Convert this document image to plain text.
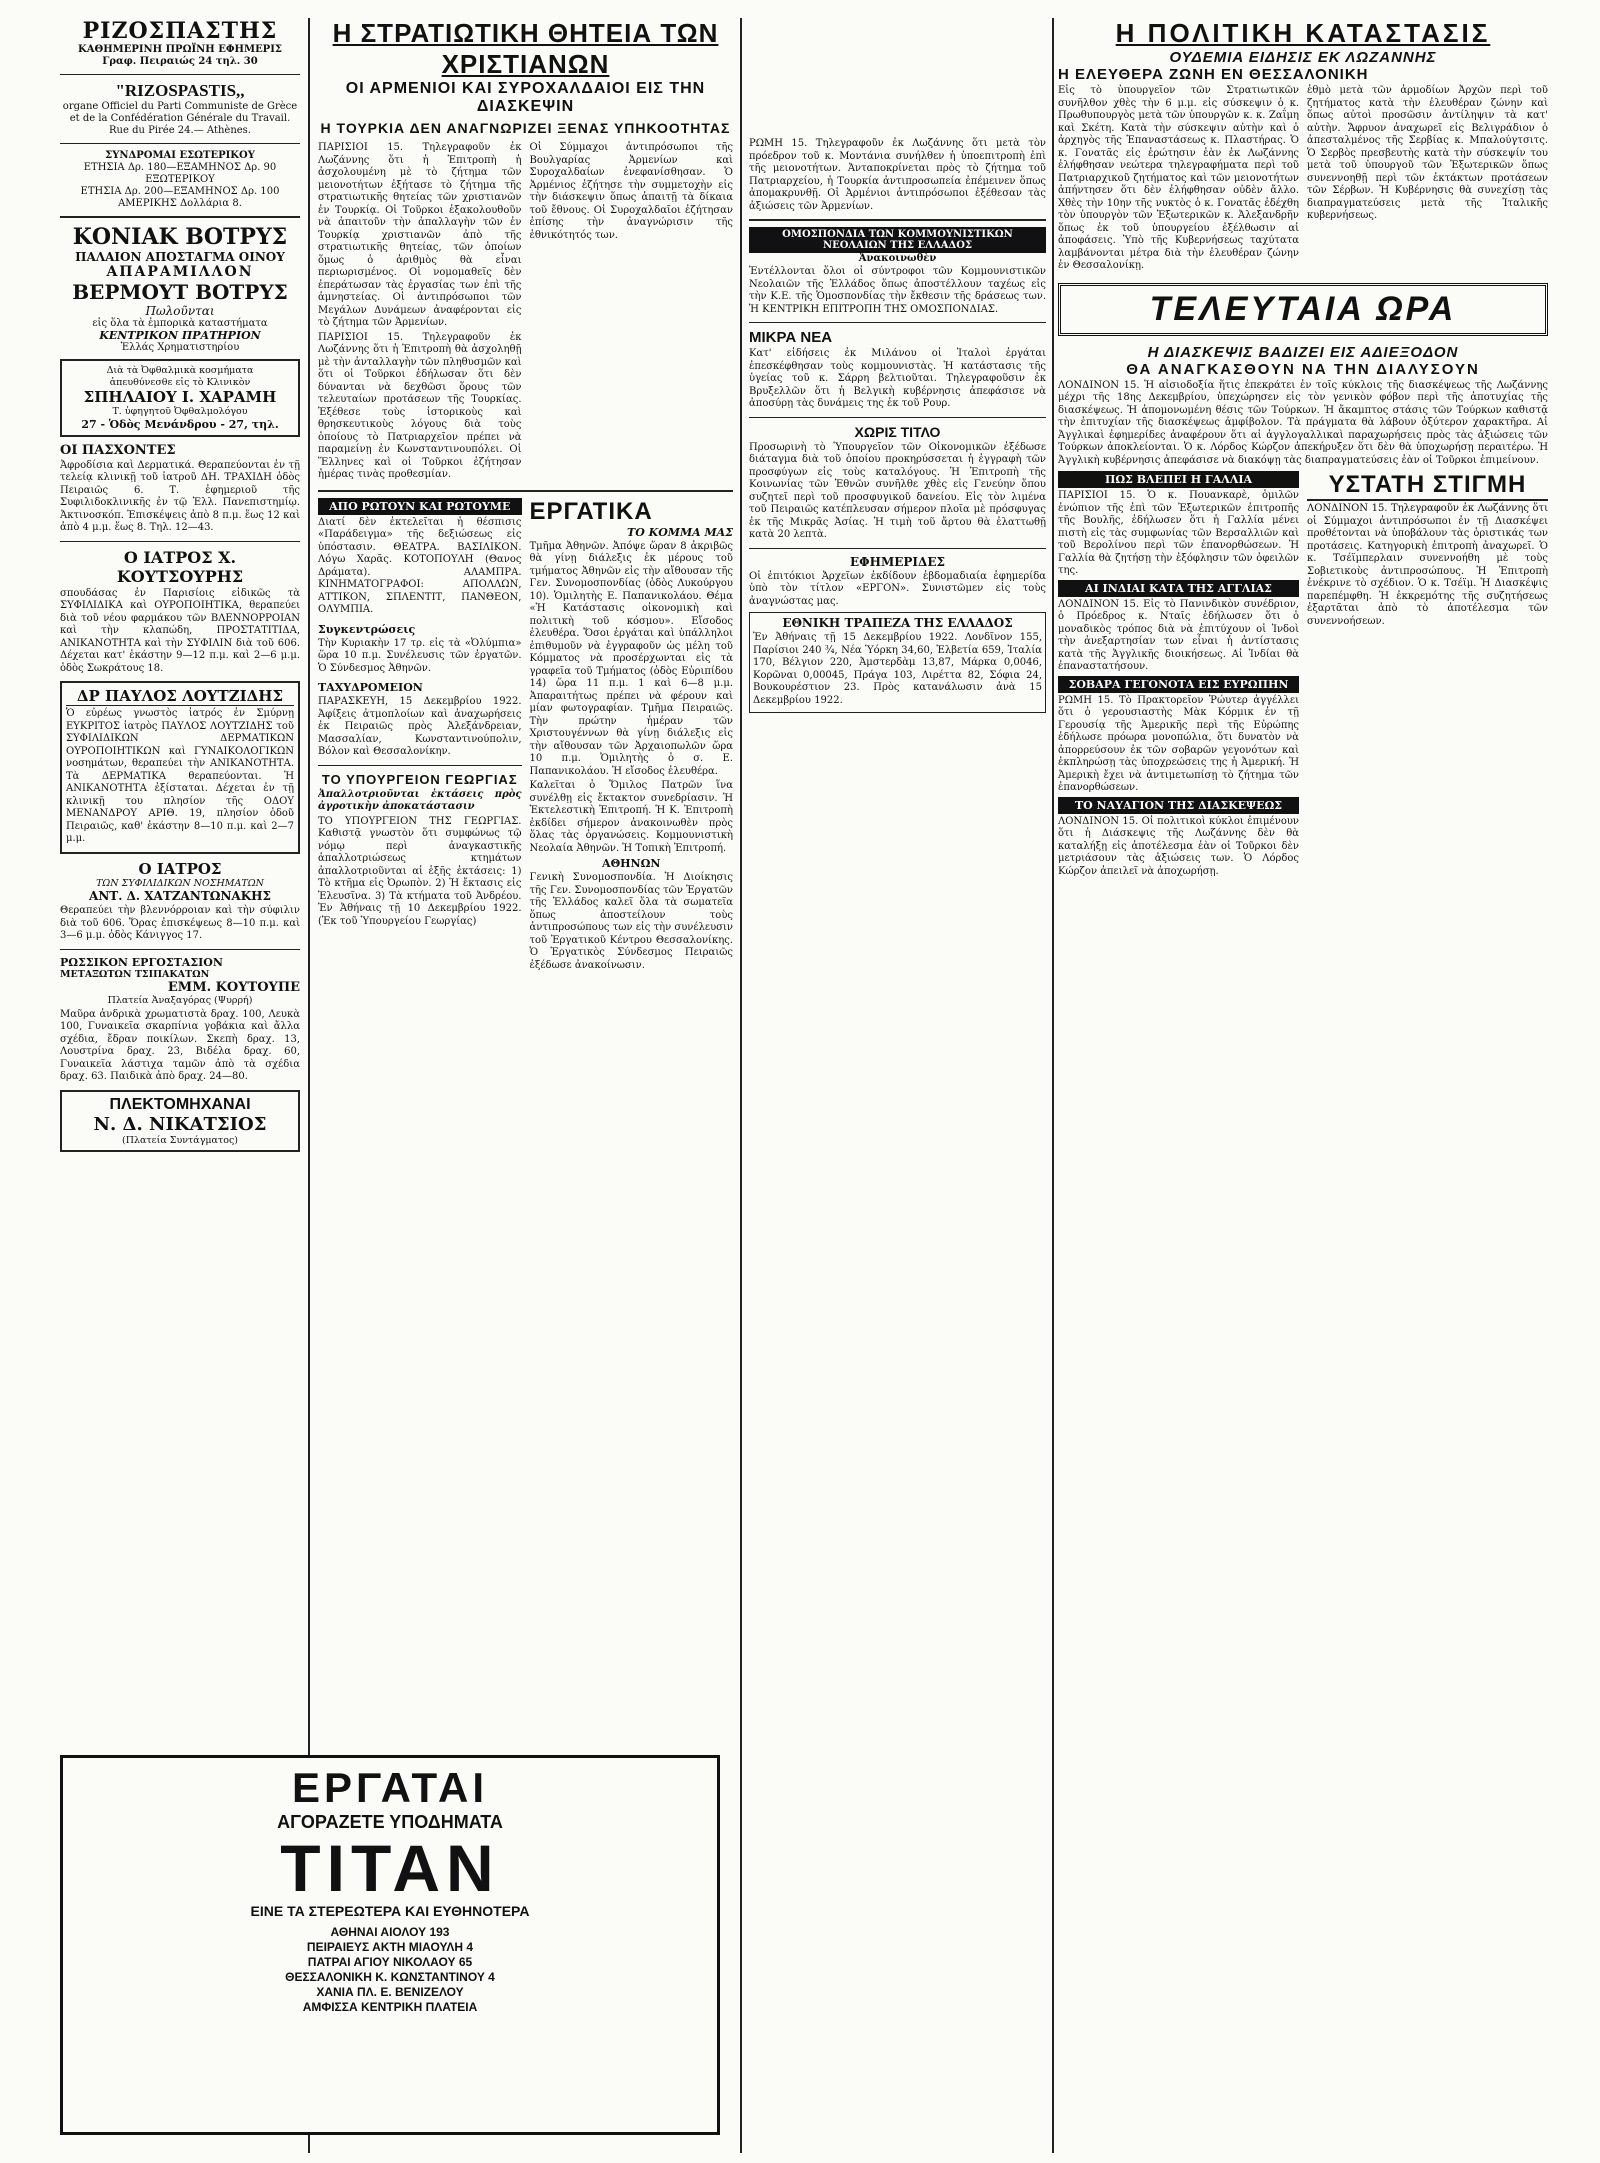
ΡΙΖΟΣΠΑΣΤΗΣ
ΚΑΘΗΜΕΡΙΝΗ ΠΡΩΪΝΗ ΕΦΗΜΕΡΙΣ
Γραφ. Πειραιώς 24 τηλ. 30
"RIZOSPASTIS,,
organe Officiel du Parti Communiste de Grèce et de la Confédération Générale du Travail.
Rue du Pirée 24.— Athènes.
ΣΥΝΔΡΟΜΑΙ ΕΣΩΤΕΡΙΚΟΥ
ΕΤΗΣΙΑ Δρ. 180—ΕΞΑΜΗΝΟΣ Δρ. 90
ΕΞΩΤΕΡΙΚΟΥ
ΕΤΗΣΙΑ Δρ. 200—ΕΞΑΜΗΝΟΣ Δρ. 100
ΑΜΕΡΙΚΗΣ Δολλάρια 8.
ΚΟΝΙΑΚ ΒΟΤΡΥΣ
ΠΑΛΑΙΟΝ ΑΠΟΣΤΑΓΜΑ ΟΙΝΟΥ
ΑΠΑΡΑΜΙΛΛΟΝ
ΒΕΡΜΟΥΤ ΒΟΤΡΥΣ
Πωλοῦνται
εἰς ὅλα τὰ ἐμπορικὰ καταστήματα
ΚΕΝΤΡΙΚΟΝ ΠΡΑΤΗΡΙΟΝ
Ἑλλάς Χρηματιστηρίου
Διὰ τὰ Ὀφθαλμικὰ κοσμήματα
ἀπευθύνεσθε εἰς τὸ Κλινικὸν
ΣΠΗΛΑΙΟΥ Ι. ΧΑΡΑΜΗ
Τ. ὑφηγητοῦ Ὀφθαλμολόγου
27 - Ὁδὸς Μενάνδρου - 27, τηλ.
ΟΙ ΠΑΣΧΟΝΤΕΣ
Ἀφροδίσια καὶ Δερματικά. Θεραπεύονται ἐν τῇ τελείᾳ κλινικῇ τοῦ ἰατροῦ ΔΗ. ΤΡΑΧΙΔΗ ὁδὸς Πειραιῶς 6. Τ. ἐφημεριοῦ τῆς Συφιλιδοκλινικῆς ἐν τῷ Ἑλλ. Πανεπιστημίῳ. Ἀκτινοσκόπ. Ἐπισκέψεις ἀπὸ 8 π.μ. ἕως 12 καὶ ἀπὸ 4 μ.μ. ἕως 8. Τηλ. 12—43.
Ο ΙΑΤΡΟΣ Χ. ΚΟΥΤΣΟΥΡΗΣ
σπουδάσας ἐν Παρισίοις εἰδικῶς τὰ ΣΥΦΙΛΙΔΙΚΑ καὶ ΟΥΡΟΠΟΙΗΤΙΚΑ, θεραπεύει διὰ τοῦ νέου φαρμάκου τῶν ΒΛΕΝΝΟΡΡΟΙΑΝ καὶ τὴν κλαπώδη, ΠΡΟΣΤΑΤΙΤΙΔΑ, ΑΝΙΚΑΝΟΤΗΤΑ καὶ τὴν ΣΥΦΙΛΙΝ διὰ τοῦ 606. Δέχεται κατ' ἑκάστην 9—12 π.μ. καὶ 2—6 μ.μ. ὁδὸς Σωκράτους 18.
ΔΡ ΠΑΥΛΟΣ ΛΟΥΤΖΙΔΗΣ
Ὁ εὐρέως γνωστὸς ἰατρός ἐν Σμύρνῃ ΕΥΚΡΙΤΟΣ ἰατρὸς ΠΑΥΛΟΣ ΛΟΥΤΖΙΔΗΣ τοῦ ΣΥΦΙΛΙΔΙΚΩΝ ΔΕΡΜΑΤΙΚΩΝ ΟΥΡΟΠΟΙΗΤΙΚΩΝ καὶ ΓΥΝΑΙΚΟΛΟΓΙΚΩΝ νοσημάτων, θεραπεύει τὴν ΑΝΙΚΑΝΟΤΗΤΑ. Τὰ ΔΕΡΜΑΤΙΚΑ θεραπεύονται. Ἡ ΑΝΙΚΑΝΟΤΗΤΑ ἐξίσταται. Δέχεται ἐν τῇ κλινικῇ του πλησίον τῆς ΟΔΟΥ ΜΕΝΑΝΔΡΟΥ ΑΡΙΘ. 19, πλησίον ὁδοῦ Πειραιῶς, καθ' ἑκάστην 8—10 π.μ. καὶ 2—7 μ.μ.
Ο ΙΑΤΡΟΣ
ΤΩΝ ΣΥΦΙΛΙΔΙΚΩΝ ΝΟΣΗΜΑΤΩΝ
ΑΝΤ. Δ. ΧΑΤΖΑΝΤΩΝΑΚΗΣ
Θεραπεύει τὴν βλεννόρροιαν καὶ τὴν σύφιλιν διὰ τοῦ 606. Ὅρας ἐπισκέψεως 8—10 π.μ. καὶ 3—6 μ.μ. ὁδὸς Κάνιγγος 17.
ΡΩΣΣΙΚΟΝ ΕΡΓΟΣΤΑΣΙΟΝ
ΜΕΤΑΞΩΤΩΝ ΤΣΙΠΑΚΑΤΩΝ
ΕΜΜ. ΚΟΥΤΟΥΠΕ
Πλατεία Ἀναξαγόρας (Ψυρρή)
Μαῦρα ἀνδρικὰ χρωματιστὰ δραχ. 100, Λευκὰ 100, Γυναικεῖα σκαρπίνια γοβάκια καὶ ἄλλα σχέδια, ἔδραν ποικίλων. Σκεπὴ δραχ. 13, Λουστρίνα δραχ. 23, Βιδέλα δραχ. 60, Γυναικεῖα λάστιχα ταμῶν ἀπὸ τὰ σχέδια δραχ. 63. Παιδικὰ ἀπὸ δραχ. 24—80.
ΠΛΕΚΤΟΜΗΧΑΝΑΙ
Ν. Δ. ΝΙΚΑΤΣΙΟΣ
(Πλατεία Συντάγματος)
ΕΡΓΑΤΑΙ
ΑΓΟΡΑΖΕΤΕ ΥΠΟΔΗΜΑΤΑ
ΤΙΤΑΝ
ΕΙΝΕ ΤΑ ΣΤΕΡΕΩΤΕΡΑ ΚΑΙ ΕΥΘΗΝΟΤΕΡΑ
ΑΘΗΝΑΙ ΑΙΟΛΟΥ 193
ΠΕΙΡΑΙΕΥΣ ΑΚΤΗ ΜΙΑΟΥΛΗ 4
ΠΑΤΡΑΙ ΑΓΙΟΥ ΝΙΚΟΛΑΟΥ 65
ΘΕΣΣΑΛΟΝΙΚΗ Κ. ΚΩΝΣΤΑΝΤΙΝΟΥ 4
ΧΑΝΙΑ ΠΛ. Ε. ΒΕΝΙΖΕΛΟΥ
ΑΜΦΙΣΣΑ ΚΕΝΤΡΙΚΗ ΠΛΑΤΕΙΑ
Η ΣΤΡΑΤΙΩΤΙΚΗ ΘΗΤΕΙΑ ΤΩΝ ΧΡΙΣΤΙΑΝΩΝ
ΟΙ ΑΡΜΕΝΙΟΙ ΚΑΙ ΣΥΡΟΧΑΛΔΑΙΟΙ ΕΙΣ ΤΗΝ ΔΙΑΣΚΕΨΙΝ
Η ΤΟΥΡΚΙΑ ΔΕΝ ΑΝΑΓΝΩΡΙΖΕΙ ΞΕΝΑΣ ΥΠΗΚΟΟΤΗΤΑΣ
ΠΑΡΙΣΙΟΙ 15. Τηλεγραφοῦν ἐκ Λωζάννης ὅτι ἡ Ἐπιτροπὴ ἡ ἀσχολουμένη μὲ τὸ ζήτημα τῶν μειονοτήτων ἐξήτασε τὸ ζήτημα τῆς στρατιωτικῆς θητείας τῶν χριστιανῶν ἐν Τουρκίᾳ. Οἱ Τοῦρκοι ἐξακολουθοῦν νὰ ἀπαιτοῦν τὴν ἀπαλλαγὴν τῶν ἐν Τουρκίᾳ χριστιανῶν ἀπὸ τῆς στρατιωτικῆς θητείας, τῶν ὁποίων ὅμως ὁ ἀριθμὸς θὰ εἶναι περιωρισμένος. Οἱ νομομαθεῖς δὲν ἐπεράτωσαν τὰς ἐργασίας των ἐπὶ τῆς ἀμνηστείας. Οἱ ἀντιπρόσωποι τῶν Μεγάλων Δυνάμεων ἀναφέρονται εἰς τὸ ζήτημα τῶν Ἀρμενίων.
ΠΑΡΙΣΙΟΙ 15. Τηλεγραφοῦν ἐκ Λωζάννης ὅτι ἡ Ἐπιτροπὴ θὰ ἀσχοληθῇ μὲ τὴν ἀνταλλαγὴν τῶν πληθυσμῶν καὶ ὅτι οἱ Τοῦρκοι ἐδήλωσαν ὅτι δὲν δύνανται νὰ δεχθῶσι ὅρους τῶν τελευταίων προτάσεων τῆς Τουρκίας. Ἐξέθεσε τοὺς ἱστορικοὺς καὶ θρησκευτικοὺς λόγους διὰ τοὺς ὁποίους τὸ Πατριαρχεῖον πρέπει νὰ παραμείνῃ ἐν Κωνσταντινουπόλει. Οἱ Ἕλληνες καὶ οἱ Τοῦρκοι ἐζήτησαν ἡμέρας τινὰς προθεσμίαν.
Οἱ Σύμμαχοι ἀντιπρόσωποι τῆς Βουλγαρίας Ἀρμενίων καὶ Συροχαλδαίων ἐνεφανίσθησαν. Ὁ Ἀρμένιος ἐζήτησε τὴν συμμετοχὴν εἰς τὴν διάσκεψιν ὅπως ἀπαιτῇ τὰ δίκαια τοῦ ἔθνους. Οἱ Συροχαλδαῖοι ἐζήτησαν ἐπίσης τὴν ἀναγνώρισιν τῆς ἐθνικότητός των.
ΑΠΟ ΡΩΤΟΥΝ ΚΑΙ ΡΩΤΟΥΜΕ
Διατί δὲν ἐκτελεῖται ἡ θέσπισις «Παράδειγμα» τῆς δεξιώσεως εἰς ὑπόστασιν. ΘΕΑΤΡΑ. ΒΑΣΙΛΙΚΟΝ. Λόγω Χαρᾶς. ΚΟΤΟΠΟΥΛΗ (Θανος Δράματα). ΑΛΑΜΠΡΑ. ΚΙΝΗΜΑΤΟΓΡΑΦΟΙ: ΑΠΟΛΛΩΝ, ΑΤΤΙΚΟΝ, ΣΠΛΕΝΤΙΤ, ΠΑΝΘΕΟΝ, ΟΛΥΜΠΙΑ.
Συγκεντρώσεις
Τὴν Κυριακὴν 17 τρ. εἰς τὰ «Ὀλύμπια» ὥρα 10 π.μ. Συνέλευσις τῶν ἐργατῶν. Ὁ Σύνδεσμος Ἀθηνῶν.
ΤΑΧΥΔΡΟΜΕΙΟΝ
ΠΑΡΑΣΚΕΥΗ, 15 Δεκεμβρίου 1922. Ἀφίξεις ἀτμοπλοίων καὶ ἀναχωρήσεις ἐκ Πειραιῶς πρὸς Ἀλεξάνδρειαν, Μασσαλίαν, Κωνσταντινούπολιν, Βόλον καὶ Θεσσαλονίκην.
ΤΟ ΥΠΟΥΡΓΕΙΟΝ ΓΕΩΡΓΙΑΣ
Ἀπαλλοτριοῦνται ἐκτάσεις πρὸς ἀγροτικὴν ἀποκατάστασιν
ΤΟ ΥΠΟΥΡΓΕΙΟΝ ΤΗΣ ΓΕΩΡΓΙΑΣ. Καθιστᾷ γνωστὸν ὅτι συμφώνως τῷ νόμῳ περὶ ἀναγκαστικῆς ἀπαλλοτριώσεως κτημάτων ἀπαλλοτριοῦνται αἱ ἑξῆς ἐκτάσεις: 1) Τὸ κτῆμα εἰς Ὀρωπὸν. 2) Ἡ ἔκτασις εἰς Ἐλευσῖνα. 3) Τὰ κτήματα τοῦ Ἀνδρέου. Ἐν Ἀθήναις τῇ 10 Δεκεμβρίου 1922. (Ἐκ τοῦ Ὑπουργείου Γεωργίας)
ΕΡΓΑΤΙΚΑ
ΤΟ ΚΟΜΜΑ ΜΑΣ
Τμῆμα Ἀθηνῶν. Ἀπόψε ὥραν 8 ἀκριβῶς θὰ γίνῃ διάλεξις ἐκ μέρους τοῦ τμήματος Ἀθηνῶν εἰς τὴν αἴθουσαν τῆς Γεν. Συνομοσπονδίας (ὁδὸς Λυκούργου 10). Ὁμιλητὴς Ε. Παπανικολάου. Θέμα «Ἡ Κατάστασις οἰκονομικὴ καὶ πολιτικὴ τοῦ κόσμου». Εἴσοδος ἐλευθέρα. Ὅσοι ἐργάται καὶ ὑπάλληλοι ἐπιθυμοῦν νὰ ἐγγραφοῦν ὡς μέλη τοῦ Κόμματος νὰ προσέρχωνται εἰς τὰ γραφεῖα τοῦ Τμήματος (ὁδὸς Εὐριπίδου 14) ὥρα 11 π.μ. 1 καὶ 6—8 μ.μ. Ἀπαραιτήτως πρέπει νὰ φέρουν καὶ μίαν φωτογραφίαν. Τμῆμα Πειραιῶς. Τὴν πρώτην ἡμέραν τῶν Χριστουγέννων θὰ γίνῃ διάλεξις εἰς τὴν αἴθουσαν τῶν Ἀρχαιοπωλῶν ὥρα 10 π.μ. Ὁμιλητὴς ὁ σ. Ε. Παπανικολάου. Ἡ εἴσοδος ἐλευθέρα.
Καλεῖται ὁ Ὅμιλος Πατρῶν ἵνα συνέλθῃ εἰς ἔκτακτον συνεδρίασιν. Ἡ Ἐκτελεστικὴ Ἐπιτροπή. Ἡ Κ. Ἐπιτροπὴ ἐκδίδει σήμερον ἀνακοινωθὲν πρὸς ὅλας τὰς ὀργανώσεις. Κομμουνιστικὴ Νεολαία Ἀθηνῶν. Ἡ Τοπικὴ Ἐπιτροπή.
ΑΘΗΝΩΝ
Γενικὴ Συνομοσπονδία. Ἡ Διοίκησις τῆς Γεν. Συνομοσπονδίας τῶν Ἐργατῶν τῆς Ἑλλάδος καλεῖ ὅλα τὰ σωματεῖα ὅπως ἀποστείλουν τοὺς ἀντιπροσώπους των εἰς τὴν συνέλευσιν τοῦ Ἐργατικοῦ Κέντρου Θεσσαλονίκης. Ὁ Ἐργατικὸς Σύνδεσμος Πειραιῶς ἐξέδωσε ἀνακοίνωσιν.
ΡΩΜΗ 15. Τηλεγραφοῦν ἐκ Λωζάννης ὅτι μετὰ τὸν πρόεδρον τοῦ κ. Μοντάνια συνήλθεν ἡ ὑποεπιτροπὴ ἐπὶ τῆς μειονοτήτων. Ἀνταποκρίνεται πρὸς τὸ ζήτημα τοῦ Πατριαρχείου, ἡ Τουρκία ἀντιπροσωπεία ἐπέμεινεν ὅπως ἀπομακρυνθῇ. Οἱ Ἀρμένιοι ἀντιπρόσωποι ἐξέθεσαν τὰς ἀξιώσεις τῶν Ἀρμενίων.
ΟΜΟΣΠΟΝΔΙΑ ΤΩΝ ΚΟΜΜΟΥΝΙΣΤΙΚΩΝ ΝΕΟΛΑΙΩΝ ΤΗΣ ΕΛΛΑΔΟΣ
Ἀνακοινωθὲν
Ἐντέλλονται ὅλοι οἱ σύντροφοι τῶν Κομμουνιστικῶν Νεολαιῶν τῆς Ἑλλάδος ὅπως ἀποστέλλουν ταχέως εἰς τὴν Κ.Ε. τῆς Ὁμοσπονδίας τὴν ἔκθεσιν τῆς δράσεως των. Ἡ ΚΕΝΤΡΙΚΗ ΕΠΙΤΡΟΠΗ ΤΗΣ ΟΜΟΣΠΟΝΔΙΑΣ.
ΜΙΚΡΑ ΝΕΑ
Κατ' εἰδήσεις ἐκ Μιλάνου οἱ Ἰταλοὶ ἐργάται ἐπεσκέφθησαν τοὺς κομμουνιστὰς. Ἡ κατάστασις τῆς ὑγείας τοῦ κ. Σάρρη βελτιοῦται. Τηλεγραφοῦσιν ἐκ Βρυξελλῶν ὅτι ἡ Βελγικὴ κυβέρνησις ἀπεφάσισε νὰ ἀποσύρῃ τὰς δυνάμεις της ἐκ τοῦ Ρουρ.
ΧΩΡΙΣ ΤΙΤΛΟ
Προσωρινὴ τὸ Ὑπουργεῖον τῶν Οἰκονομικῶν ἐξέδωσε διάταγμα διὰ τοῦ ὁποίου προκηρύσσεται ἡ ἐγγραφὴ τῶν προσφύγων εἰς τοὺς καταλόγους. Ἡ Ἐπιτροπὴ τῆς Κοινωνίας τῶν Ἐθνῶν συνῆλθε χθὲς εἰς Γενεύην ὅπου συζητεῖ περὶ τοῦ προσφυγικοῦ δανείου. Εἰς τὸν λιμένα τοῦ Πειραιῶς κατέπλευσαν σήμερον πλοῖα μὲ πρόσφυγας ἐκ τῆς Μικρᾶς Ἀσίας. Ἡ τιμὴ τοῦ ἄρτου θὰ ἐλαττωθῇ κατὰ 20 λεπτὰ.
ΕΦΗΜΕΡΙΔΕΣ
Οἱ ἐπιτόκιοι Ἀρχεῖων ἐκδίδουν ἑβδομαδιαία ἐφημερίδα ὑπὸ τὸν τίτλον «ΕΡΓΟΝ». Συνιστῶμεν εἰς τοὺς ἀναγνώστας μας.
ΕΘΝΙΚΗ ΤΡΑΠΕΖΑ ΤΗΣ ΕΛΛΑΔΟΣ
Ἐν Ἀθήναις τῇ 15 Δεκεμβρίου 1922. Λονδῖνον 155, Παρίσιοι 240 ¾, Νέα Ὑόρκη 34,60, Ἐλβετία 659, Ἰταλία 170, Βέλγιον 220, Ἀμστερδὰμ 13,87, Μάρκα 0,0046, Κορῶναι 0,00045, Πράγα 103, Λιρέττα 82, Σόφια 24, Βουκουρέστιον 23. Πρὸς κατανάλωσιν ἀνὰ 15 Δεκεμβρίου 1922.
Η ΠΟΛΙΤΙΚΗ ΚΑΤΑΣΤΑΣΙΣ
ΟΥΔΕΜΙΑ ΕΙΔΗΣΙΣ ΕΚ ΛΩΖΑΝΝΗΣ
Η ΕΛΕΥΘΕΡΑ ΖΩΝΗ ΕΝ ΘΕΣΣΑΛΟΝΙΚΗ
Εἰς τὸ ὑπουργεῖον τῶν Στρατιωτικῶν συνῆλθον χθὲς τὴν 6 μ.μ. εἰς σύσκεψιν ὁ κ. Πρωθυπουργὸς μετὰ τῶν ὑπουργῶν κ. κ. Ζαΐμη καὶ Σκέτη. Κατὰ τὴν σύσκεψιν αὐτὴν καὶ ὁ ἀρχηγὸς τῆς Ἐπαναστάσεως κ. Πλαστήρας. Ὁ κ. Γονατᾶς εἰς ἐρώτησιν ἐὰν ἐκ Λωζάννης ἐλήφθησαν νεώτερα τηλεγραφήματα περὶ τοῦ Πατριαρχικοῦ ζητήματος καὶ τῶν μειονοτήτων ἀπήντησεν ὅτι δὲν ἐλήφθησαν οὐδὲν ἄλλο. Χθὲς τὴν 10ην τῆς νυκτὸς ὁ κ. Γονατᾶς ἐδέχθη τὸν ὑπουργὸν τῶν Ἐξωτερικῶν κ. Ἀλεξανδρῆν ὅπως ἐκ τοῦ ὑπουργείου ἐξέλθωσιν αἱ ἀποφάσεις. Ὑπὸ τῆς Κυβερνήσεως ταχύτατα λαμβάνονται μέτρα διὰ τὴν ἐλευθέραν ζώνην ἐν Θεσσαλονίκῃ.
ἐθμὸ μετὰ τῶν ἀρμοδίων Ἀρχῶν περὶ τοῦ ζητήματος κατὰ τὴν ἐλευθέραν ζώνην καὶ ὅπως αὐτοὶ προσῶσιν ἀντίληψιν τὰ κατ' αὐτὴν. Ἄφρυον ἀναχωρεῖ εἰς Βελιγράδιον ὁ ἀπεσταλμένος τῆς Σερβίας κ. Μπαλούγτσιτς. Ὁ Σερβὸς πρεσβευτὴς κατὰ τὴν σύσκεψίν του μετὰ τοῦ ὑπουργοῦ τῶν Ἐξωτερικῶν ὅπως συνεννοηθῇ περὶ τῶν ἐκτάκτων προτάσεων τῶν Σέρβων. Ἡ Κυβέρνησις θὰ συνεχίσῃ τὰς διαπραγματεύσεις μετὰ τῆς Ἰταλικῆς κυβερνήσεως.
ΤΕΛΕΥΤΑΙΑ ΩΡΑ
Η ΔΙΑΣΚΕΨΙΣ ΒΑΔΙΖΕΙ ΕΙΣ ΑΔΙΕΞΟΔΟΝ
ΘΑ ΑΝΑΓΚΑΣΘΟΥΝ ΝΑ ΤΗΝ ΔΙΑΛΥΣΟΥΝ
ΛΟΝΔΙΝΟΝ 15. Ἡ αἰσιοδοξία ἥτις ἐπεκράτει ἐν τοῖς κύκλοις τῆς διασκέψεως τῆς Λωζάννης μέχρι τῆς 18ης Δεκεμβρίου, ὑπεχώρησεν εἰς τὸν γενικὸν φόβον περὶ τῆς ἀποτυχίας τῆς διασκέψεως. Ἡ ἀπομονωμένη θέσις τῶν Τούρκων. Ἡ ἄκαμπτος στάσις τῶν Τούρκων καθιστᾷ τὴν ἐπιτυχίαν τῆς διασκέψεως ἀμφίβολον. Τὰ πράγματα θὰ λάβουν ὀξύτερον χαρακτῆρα. Αἱ Ἀγγλικαὶ ἐφημερίδες ἀναφέρουν ὅτι αἱ ἀγγλογαλλικαὶ παραχωρήσεις πρὸς τὰς ἀξιώσεις τῶν Τούρκων ἀποκλείονται. Ὁ κ. Λόρδος Κώρζον ἀπεκήρυξεν ὅτι δὲν θὰ ὑποχωρήσῃ περαιτέρω. Ἡ Ἀγγλικὴ κυβέρνησις ἀπεφάσισε νὰ διακόψῃ τὰς διαπραγματεύσεις ἐὰν οἱ Τοῦρκοι ἐπιμείνουν.
ΠΩΣ ΒΛΕΠΕΙ Η ΓΑΛΛΙΑ
ΠΑΡΙΣΙΟΙ 15. Ὁ κ. Πουανκαρὲ, ὁμιλῶν ἐνώπιον τῆς ἐπὶ τῶν Ἐξωτερικῶν ἐπιτροπῆς τῆς Βουλῆς, ἐδήλωσεν ὅτι ἡ Γαλλία μένει πιστὴ εἰς τὰς συμφωνίας τῶν Βερσαλλιῶν καὶ τοῦ Βερολίνου περὶ τῶν ἐπανορθώσεων. Ἡ Γαλλία θὰ ζητήσῃ τὴν ἐξόφλησιν τῶν ὀφειλῶν της.
ΑΙ ΙΝΔΙΑΙ ΚΑΤΑ ΤΗΣ ΑΓΓΛΙΑΣ
ΛΟΝΔΙΝΟΝ 15. Εἰς τὸ Πανινδικὸν συνέδριον, ὁ Πρόεδρος κ. Νταῖς ἐδήλωσεν ὅτι ὁ μοναδικὸς τρόπος διὰ νὰ ἐπιτύχουν οἱ Ἰνδοὶ τὴν ἀνεξαρτησίαν των εἶναι ἡ ἀντίστασις κατὰ τῆς Ἀγγλικῆς διοικήσεως. Αἱ Ἰνδίαι θὰ ἐπαναστατήσουν.
ΣΟΒΑΡΑ ΓΕΓΟΝΟΤΑ ΕΙΣ ΕΥΡΩΠΗΝ
ΡΩΜΗ 15. Τὸ Πρακτορεῖον Ῥώυτερ ἀγγέλλει ὅτι ὁ γερουσιαστὴς Μὰκ Κόρμικ ἐν τῇ Γερουσίᾳ τῆς Ἀμερικῆς περὶ τῆς Εὐρώπης ἐδήλωσε πρόωρα μονοπώλια, ὅτι δυνατὸν νὰ ἀπορρεύσουν ἐκ τῶν σοβαρῶν γεγονότων καὶ ἐκπληρώσῃ τὰς ὑποχρεώσεις της ἡ Ἀμερική. Ἡ Ἀμερικὴ ἔχει νὰ ἀντιμετωπίσῃ τὸ ζήτημα τῶν ἐπανορθώσεων.
ΤΟ ΝΑΥΑΓΙΟΝ ΤΗΣ ΔΙΑΣΚΕΨΕΩΣ
ΛΟΝΔΙΝΟΝ 15. Οἱ πολιτικοὶ κύκλοι ἐπιμένουν ὅτι ἡ Διάσκεψις τῆς Λωζάννης δὲν θὰ καταλήξῃ εἰς ἀποτέλεσμα ἐὰν οἱ Τοῦρκοι δὲν μετριάσουν τὰς ἀξιώσεις των. Ὁ Λόρδος Κώρζον ἀπειλεῖ νὰ ἀποχωρήσῃ.
ΥΣΤΑΤΗ ΣΤΙΓΜΗ
ΛΟΝΔΙΝΟΝ 15. Τηλεγραφοῦν ἐκ Λωζάννης ὅτι οἱ Σύμμαχοι ἀντιπρόσωποι ἐν τῇ Διασκέψει προθέτονται νὰ ὑποβάλουν τὰς ὁριστικάς των προτάσεις. Κατηγορικὴ ἐπιτροπὴ ἀναχωρεῖ. Ὁ κ. Τσέϊμπερλαιν συνεννοήθη μὲ τοὺς Σοβιετικοὺς ἀντιπροσώπους. Ἡ Ἐπιτροπὴ ἐνέκρινε τὸ σχέδιον. Ὁ κ. Τσέϊμ. Ἡ Διασκέψις παρεπέμφθη. Ἡ ἐκκρεμότης τῆς συζητήσεως ἐξαρτᾶται ἀπὸ τὸ ἀποτέλεσμα τῶν συνεννοήσεων.
